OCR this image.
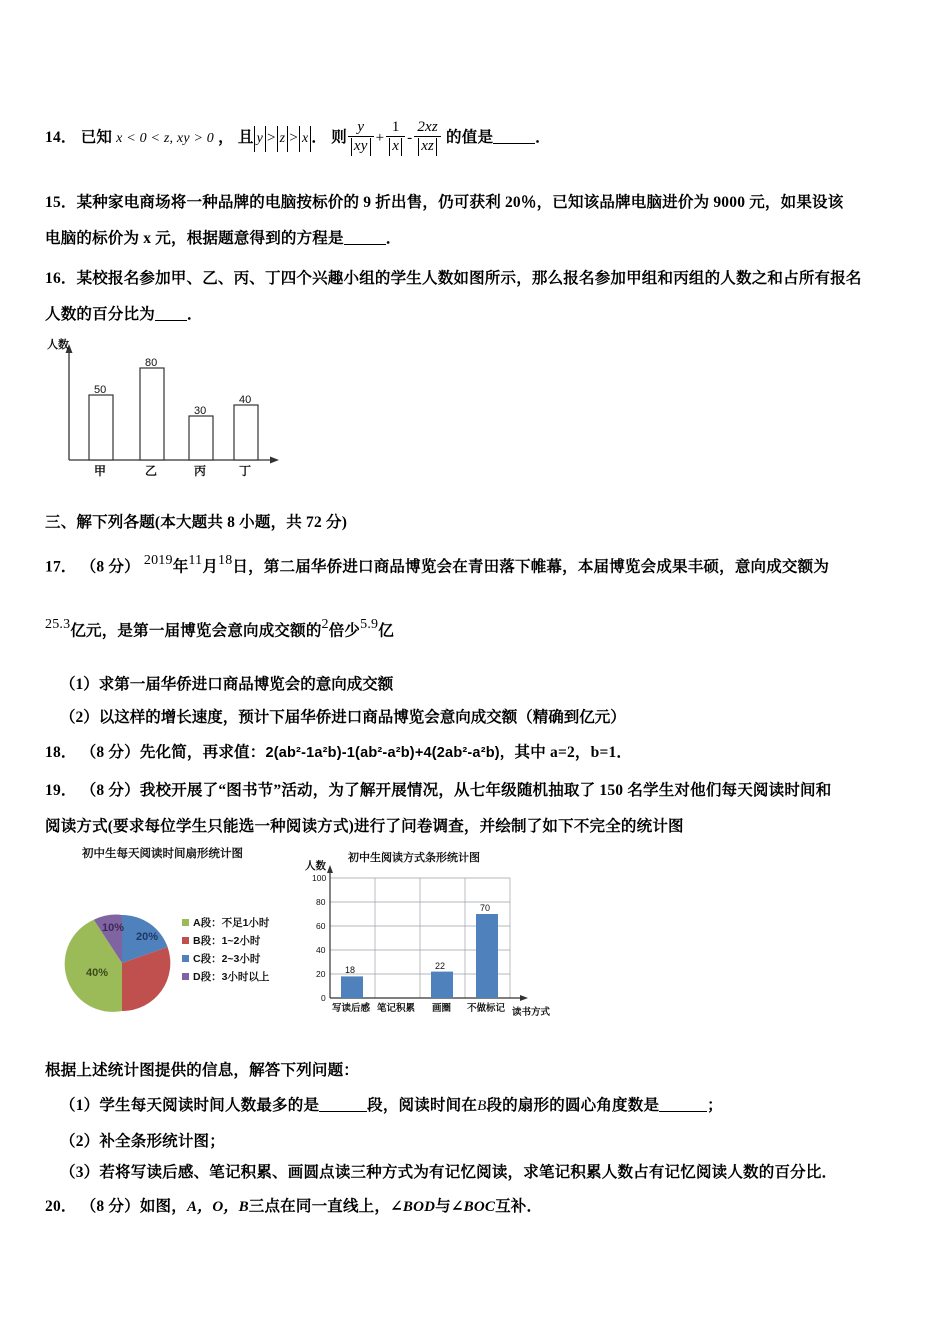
14． 已知 x < 0 < z, xy > 0 ， 且 y > z > x ． 则 $\frac{y}{xy} + \frac{1}{x} - \frac{2xz}{xz}$ 的值是	．
15．某种家电商场将一种品牌的电脑按标价的 9 折出售，仍可获利 20％，已知该品牌电脑进价为 9000 元，如果设该
电脑的标价为 x 元，根据题意得到的方程是	．
16．某校报名参加甲、乙、丙、丁四个兴趣小组的学生人数如图所示，那么报名参加甲组和丙组的人数之和占所有报名
人数的百分比为 ．
人数
50
80
30
40
甲	乙	丙	丁
三、解下列各题(本大题共 8 小题，共 72 分)
17． （8 分） 2019年11月18日，第二届华侨进口商品博览会在青田落下帷幕，本届博览会成果丰硕，意向成交额为
25.3亿元，是第一届博览会意向成交额的2倍少5.9亿
（1）求第一届华侨进口商品博览会的意向成交额
（2）以这样的增长速度，预计下届华侨进口商品博览会意向成交额（精确到亿元）
18． （8 分）先化简，再求值：2(ab²-1a²b)-1(ab²-a²b)+4(2ab²-a²b)，其中 a=2，b=1．
19． （8 分）我校开展了“图书节”活动，为了解开展情况，从七年级随机抽取了 150 名学生对他们每天阅读时间和
阅读方式(要求每位学生只能选一种阅读方式)进行了问卷调查，并绘制了如下不完全的统计图
初中生每天阅读时间扇形统计图
20%
40%
10%	A段：不足1小时
B段：1~2小时
C段：2~3小时
D段：3小时以上
初中生阅读方式条形统计图
人数
100
80
60
40
20
0
18	22
70
写读后感 笔记积累 画圈 不做标记 读书方式
根据上述统计图提供的信息，解答下列问题：
（1）学生每天阅读时间人数最多的是	段，阅读时间在B段的扇形的圆心角度数是	；
（2）补全条形统计图；
（3）若将写读后感、笔记积累、画圆点读三种方式为有记忆阅读，求笔记积累人数占有记忆阅读人数的百分比．
20． （8 分）如图，A，O，B三点在同一直线上，∠BOD与∠BOC互补．
